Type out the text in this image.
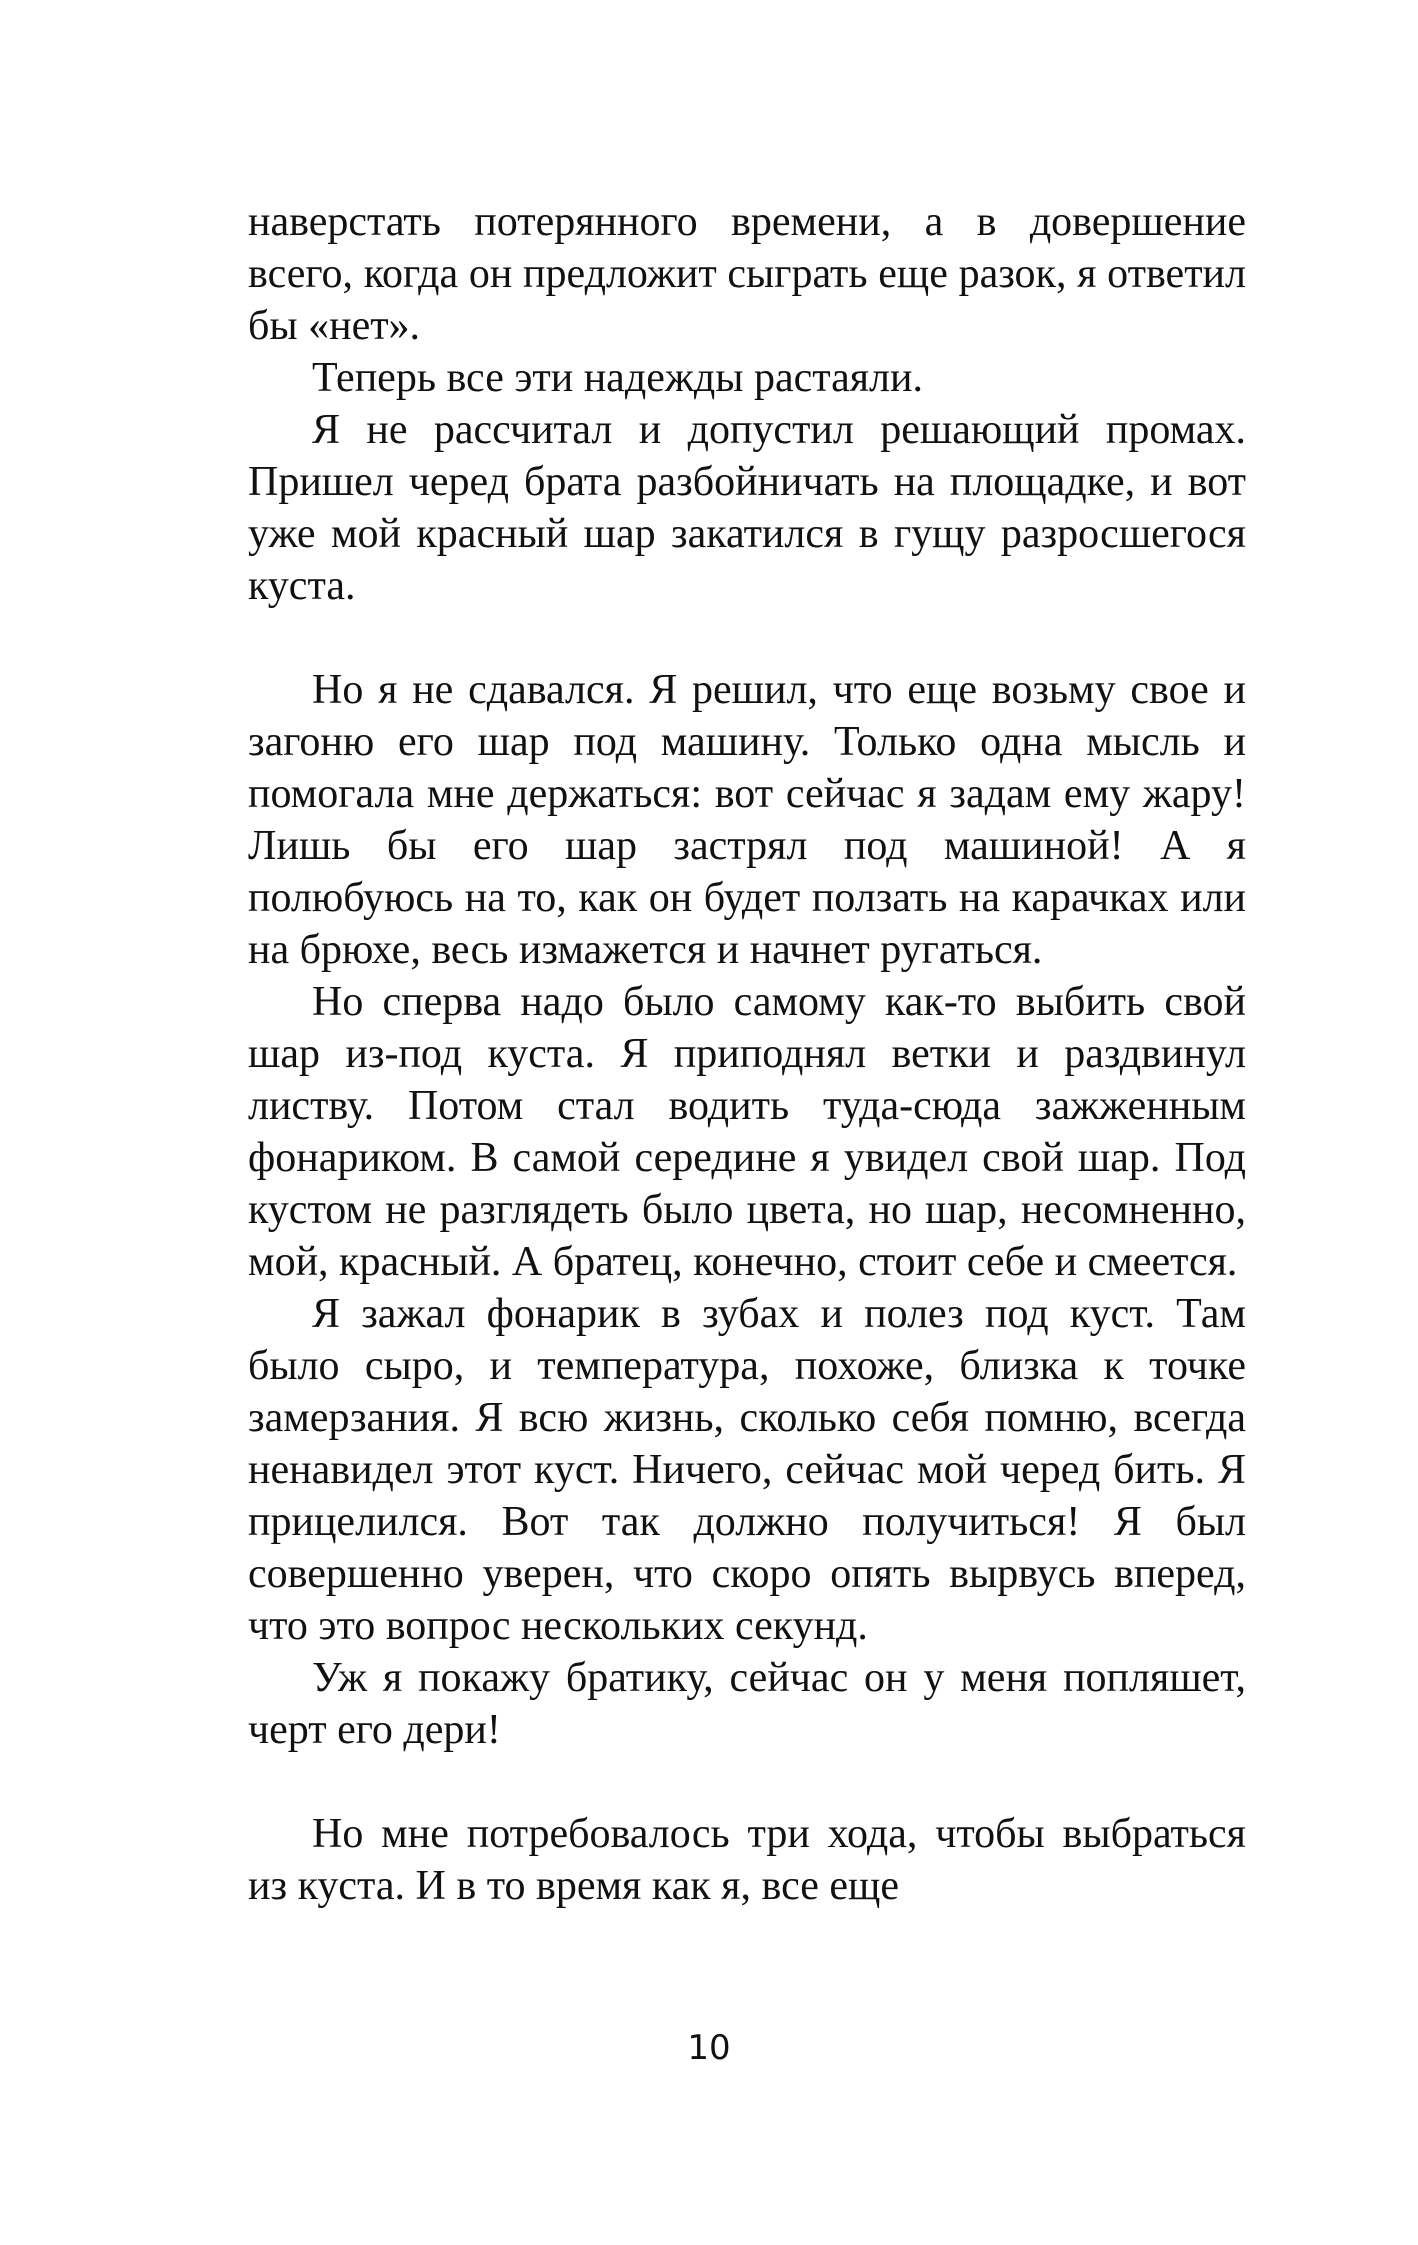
наверстать потерянного времени, а в довершение всего, когда он предложит сыграть еще разок, я ответил бы «нет».

Теперь все эти надежды растаяли.

Я не рассчитал и допустил решающий промах. Пришел черед брата разбойничать на площадке, и вот уже мой красный шар закатился в гущу разросшегося куста.

Но я не сдавался. Я решил, что еще возьму свое и загоню его шар под машину. Только одна мысль и помогала мне держаться: вот сейчас я задам ему жару! Лишь бы его шар застрял под машиной! А я полюбуюсь на то, как он будет ползать на карачках или на брюхе, весь измажется и начнет ругаться.

Но сперва надо было самому как-то выбить свой шар из-под куста. Я приподнял ветки и раздвинул листву. Потом стал водить туда-сюда зажженным фонариком. В самой середине я увидел свой шар. Под кустом не разглядеть было цвета, но шар, несомненно, мой, красный. А братец, конечно, стоит себе и смеется.

Я зажал фонарик в зубах и полез под куст. Там было сыро, и температура, похоже, близка к точке замерзания. Я всю жизнь, сколько себя помню, всегда ненавидел этот куст. Ничего, сейчас мой черед бить. Я прицелился. Вот так должно получиться! Я был совершенно уверен, что скоро опять вырвусь вперед, что это вопрос нескольких секунд.

Уж я покажу братику, сейчас он у меня попляшет, черт его дери!

Но мне потребовалось три хода, чтобы выбраться из куста. И в то время как я, все еще

10
